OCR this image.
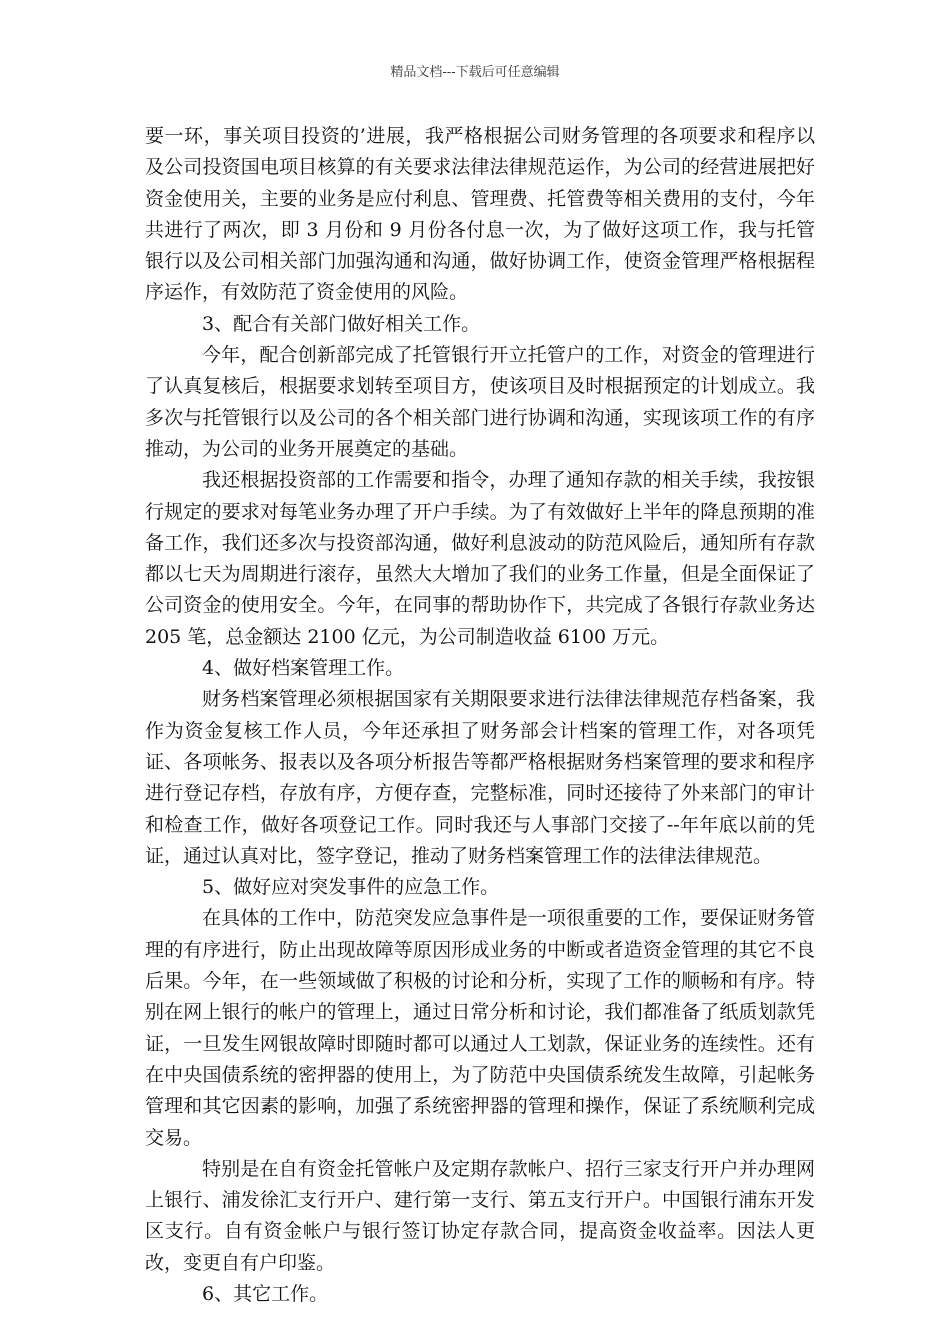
精品文档---下载后可任意编辑

要一环，事关项目投资的’进展，我严格根据公司财务管理的各项要求和程序以及公司投资国电项目核算的有关要求法律法律规范运作，为公司的经营进展把好资金使用关，主要的业务是应付利息、管理费、托管费等相关费用的支付，今年共进行了两次，即 3 月份和 9 月份各付息一次，为了做好这项工作，我与托管银行以及公司相关部门加强沟通和沟通，做好协调工作，使资金管理严格根据程序运作，有效防范了资金使用的风险。

3、配合有关部门做好相关工作。

今年，配合创新部完成了托管银行开立托管户的工作，对资金的管理进行了认真复核后，根据要求划转至项目方，使该项目及时根据预定的计划成立。我多次与托管银行以及公司的各个相关部门进行协调和沟通，实现该项工作的有序推动，为公司的业务开展奠定的基础。

我还根据投资部的工作需要和指令，办理了通知存款的相关手续，我按银行规定的要求对每笔业务办理了开户手续。为了有效做好上半年的降息预期的准备工作，我们还多次与投资部沟通，做好利息波动的防范风险后，通知所有存款都以七天为周期进行滚存，虽然大大增加了我们的业务工作量，但是全面保证了公司资金的使用安全。今年，在同事的帮助协作下，共完成了各银行存款业务达 205 笔，总金额达 2100 亿元，为公司制造收益 6100 万元。

4、做好档案管理工作。

财务档案管理必须根据国家有关期限要求进行法律法律规范存档备案，我作为资金复核工作人员，今年还承担了财务部会计档案的管理工作，对各项凭证、各项帐务、报表以及各项分析报告等都严格根据财务档案管理的要求和程序进行登记存档，存放有序，方便存查，完整标准，同时还接待了外来部门的审计和检查工作，做好各项登记工作。同时我还与人事部门交接了--年年底以前的凭证，通过认真对比，签字登记，推动了财务档案管理工作的法律法律规范。

5、做好应对突发事件的应急工作。

在具体的工作中，防范突发应急事件是一项很重要的工作，要保证财务管理的有序进行，防止出现故障等原因形成业务的中断或者造资金管理的其它不良后果。今年，在一些领域做了积极的讨论和分析，实现了工作的顺畅和有序。特别在网上银行的帐户的管理上，通过日常分析和讨论，我们都准备了纸质划款凭证，一旦发生网银故障时即随时都可以通过人工划款，保证业务的连续性。还有在中央国债系统的密押器的使用上，为了防范中央国债系统发生故障，引起帐务管理和其它因素的影响，加强了系统密押器的管理和操作，保证了系统顺利完成交易。

特别是在自有资金托管帐户及定期存款帐户、招行三家支行开户并办理网上银行、浦发徐汇支行开户、建行第一支行、第五支行开户。中国银行浦东开发区支行。自有资金帐户与银行签订协定存款合同，提高资金收益率。因法人更改，变更自有户印鉴。

6、其它工作。
